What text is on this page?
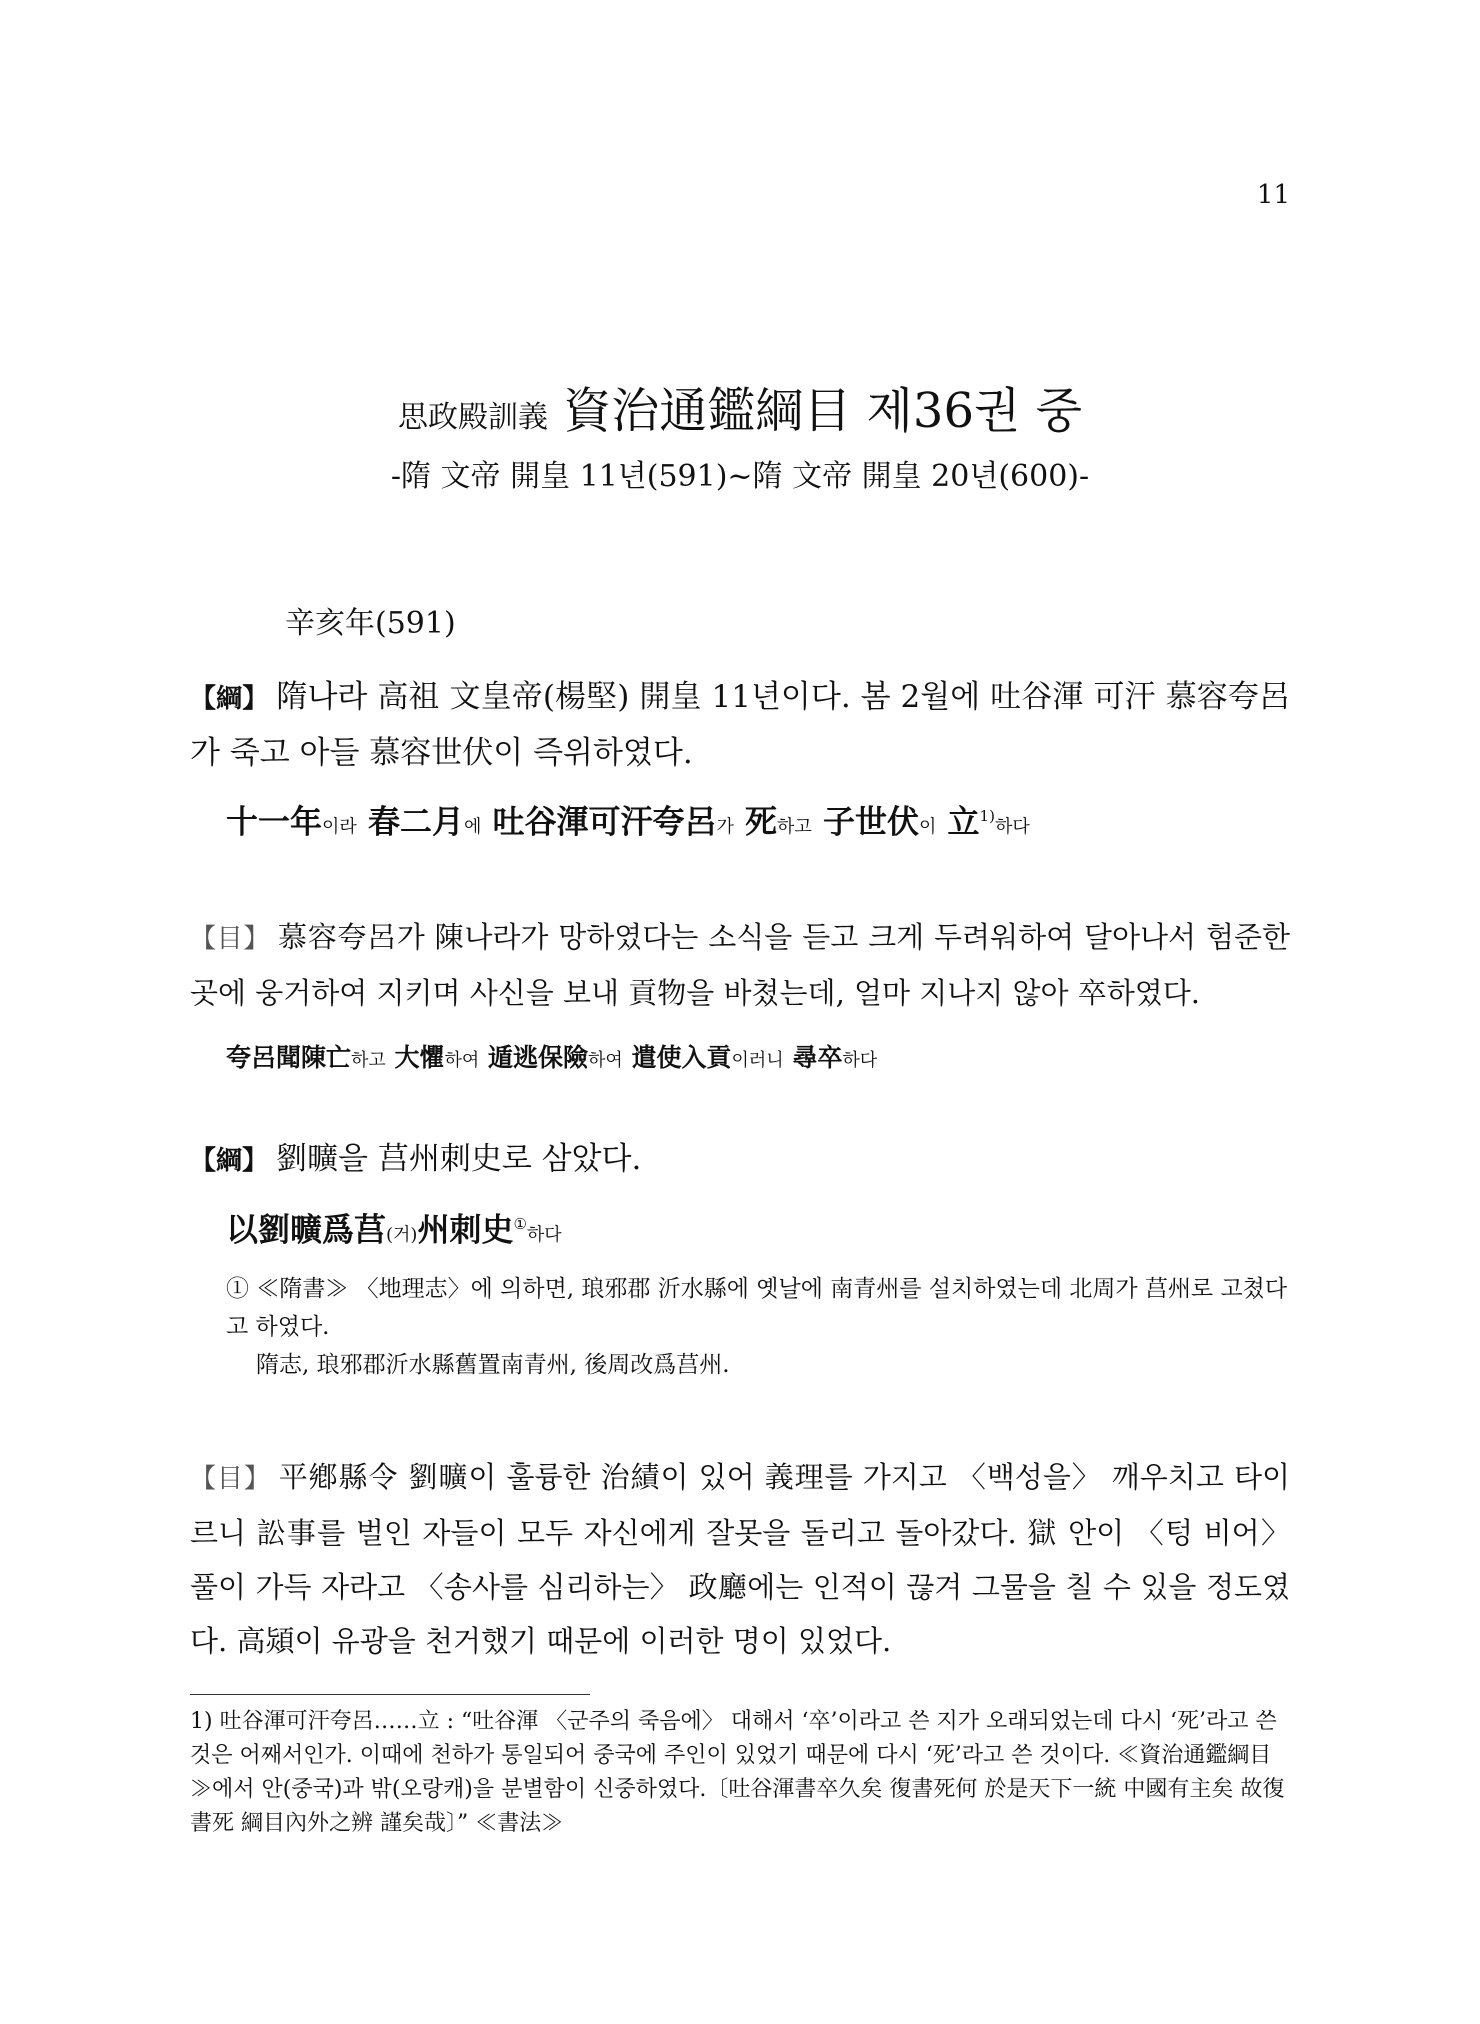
11
思政殿訓義 資治通鑑綱目 제36권 중
-隋 文帝 開皇 11년(591)~隋 文帝 開皇 20년(600)-
辛亥年(591)

【綱】 隋나라 高祖 文皇帝(楊堅) 開皇 11년이다. 봄 2월에 吐谷渾 可汗 慕容夸呂가 죽고 아들 慕容世伏이 즉위하였다.

十一年이라 春二月에 吐谷渾可汗夸呂가 死하고 子世伏이 立$^{1)}$하다

【目】 慕容夸呂가 陳나라가 망하였다는 소식을 듣고 크게 두려워하여 달아나서 험준한 곳에 웅거하여 지키며 사신을 보내 貢物을 바쳤는데, 얼마 지나지 않아 卒하였다.

夸呂聞陳亡하고 大懼하여 遁逃保險하여 遣使入貢이러니 尋卒하다

【綱】 劉曠을 莒州刺史로 삼았다.

以劉曠爲莒(거)州刺史①하다
① ≪隋書≫ 〈地理志〉에 의하면, 琅邪郡 沂水縣에 옛날에 南青州를 설치하였는데 北周가 莒州로 고쳤다고 하였다.
隋志, 琅邪郡沂水縣舊置南青州, 後周改爲莒州.

【目】 平鄕縣令 劉曠이 훌륭한 治績이 있어 義理를 가지고 〈백성을〉 깨우치고 타이르니 訟事를 벌인 자들이 모두 자신에게 잘못을 돌리고 돌아갔다. 獄 안이 〈텅 비어〉 풀이 가득 자라고 〈송사를 심리하는〉 政廳에는 인적이 끊겨 그물을 칠 수 있을 정도였다. 高熲이 유광을 천거했기 때문에 이러한 명이 있었다.

1) 吐谷渾可汗夸呂……立 : “吐谷渾 〈군주의 죽음에〉 대해서 ‘卒’이라고 쓴 지가 오래되었는데 다시 ‘死’라고 쓴 것은 어째서인가. 이때에 천하가 통일되어 중국에 주인이 있었기 때문에 다시 ‘死’라고 쓴 것이다. ≪資治通鑑綱目≫에서 안(중국)과 밖(오랑캐)을 분별함이 신중하였다.〔吐谷渾書卒久矣 復書死何 於是天下一統 中國有主矣 故復書死 綱目內外之辨 謹矣哉〕” ≪書法≫
